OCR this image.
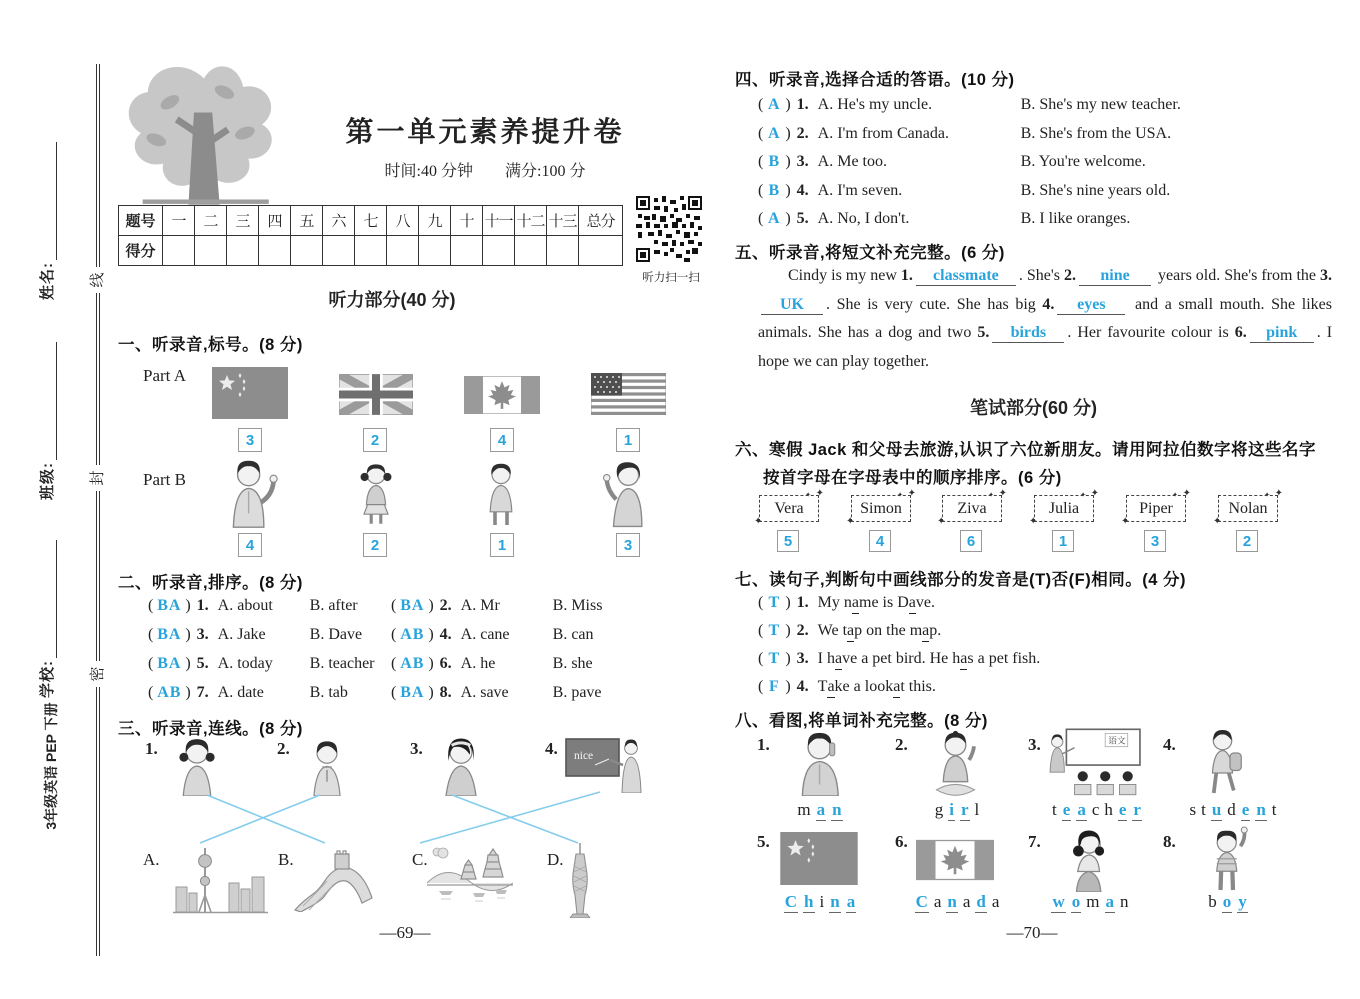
线
封
密
姓名:
班级:
学校:
3年级英语 PEP 下册
第一单元素养提升卷
时间:40 分钟 满分:100 分
题号	一	二	三	四	五	六	七	八	九	十	十一	十二	十三	总分
得分														
听力扫一扫
听力部分(40 分)
一、听录音,标号。(8 分)
Part A
Part B
3	2	4	1
4	2	1	3
二、听录音,排序。(8 分)
( BA ) 1. A. about	B. after ( BA ) 2. A. Mr	B. Miss
( BA ) 3. A. Jake	B. Dave ( AB ) 4. A. cane	B. can
( BA ) 5. A. today	B. teacher ( AB ) 6. A. he	B. she
( AB ) 7. A. date	B. tab	( BA ) 8. A. save	B. pave
三、听录音,连线。(8 分)
1.	2.	3.	4. nice
A.	B.	C.	D.
—69—
四、听录音,选择合适的答语。(10 分)
( A ) 1. A. He's my uncle.	B. She's my new teacher.
( A ) 2. A. I'm from Canada.	B. She's from the USA.
( B ) 3. A. Me too.	B. You're welcome.
( B ) 4. A. I'm seven.	B. She's nine years old.
( A ) 5. A. No, I don't.	B. I like oranges.
五、听录音,将短文补充完整。(6 分)

Cindy is my new 1. classmate . She's 2. nine years old. She's from the 3.UK . She is very cute. She has big 4. eyes and a small mouth. She likes animals. She has a dog and two 5. birds . Her favourite colour is 6. pink . I hope we can play together.

笔试部分(60 分)
六、寒假 Jack 和父母去旅游,认识了六位新朋友。请用阿拉伯数字将这些名字
按首字母在字母表中的顺序排序。(6 分)
✦
✦
✦
Vera
✦
✦
✦
Simon
✦
✦
✦
Ziva
✦
✦
✦
Julia
✦
✦
✦
Piper
✦
✦
✦
Nolan
5	4	6	1	3	2
七、读句子,判断句中画线部分的发音是(T)否(F)相同。(4 分)
( T ) 1. My n a me is D a ve.
( T ) 2. We t a p on the m a p.
( T ) 3. I h a ve a pet bird. He h a s a pet fish.
( F ) 4. T a ke a look a t this.
八、看图,将单词补充完整。(8 分)
1.	2.	3.	4.
语文
m a n	g i r l	t e a c h e r	s t u d e n t
5.	6.	7.	8.
C h i n a	C a n a d a	w o m a n	b o y
—70—
